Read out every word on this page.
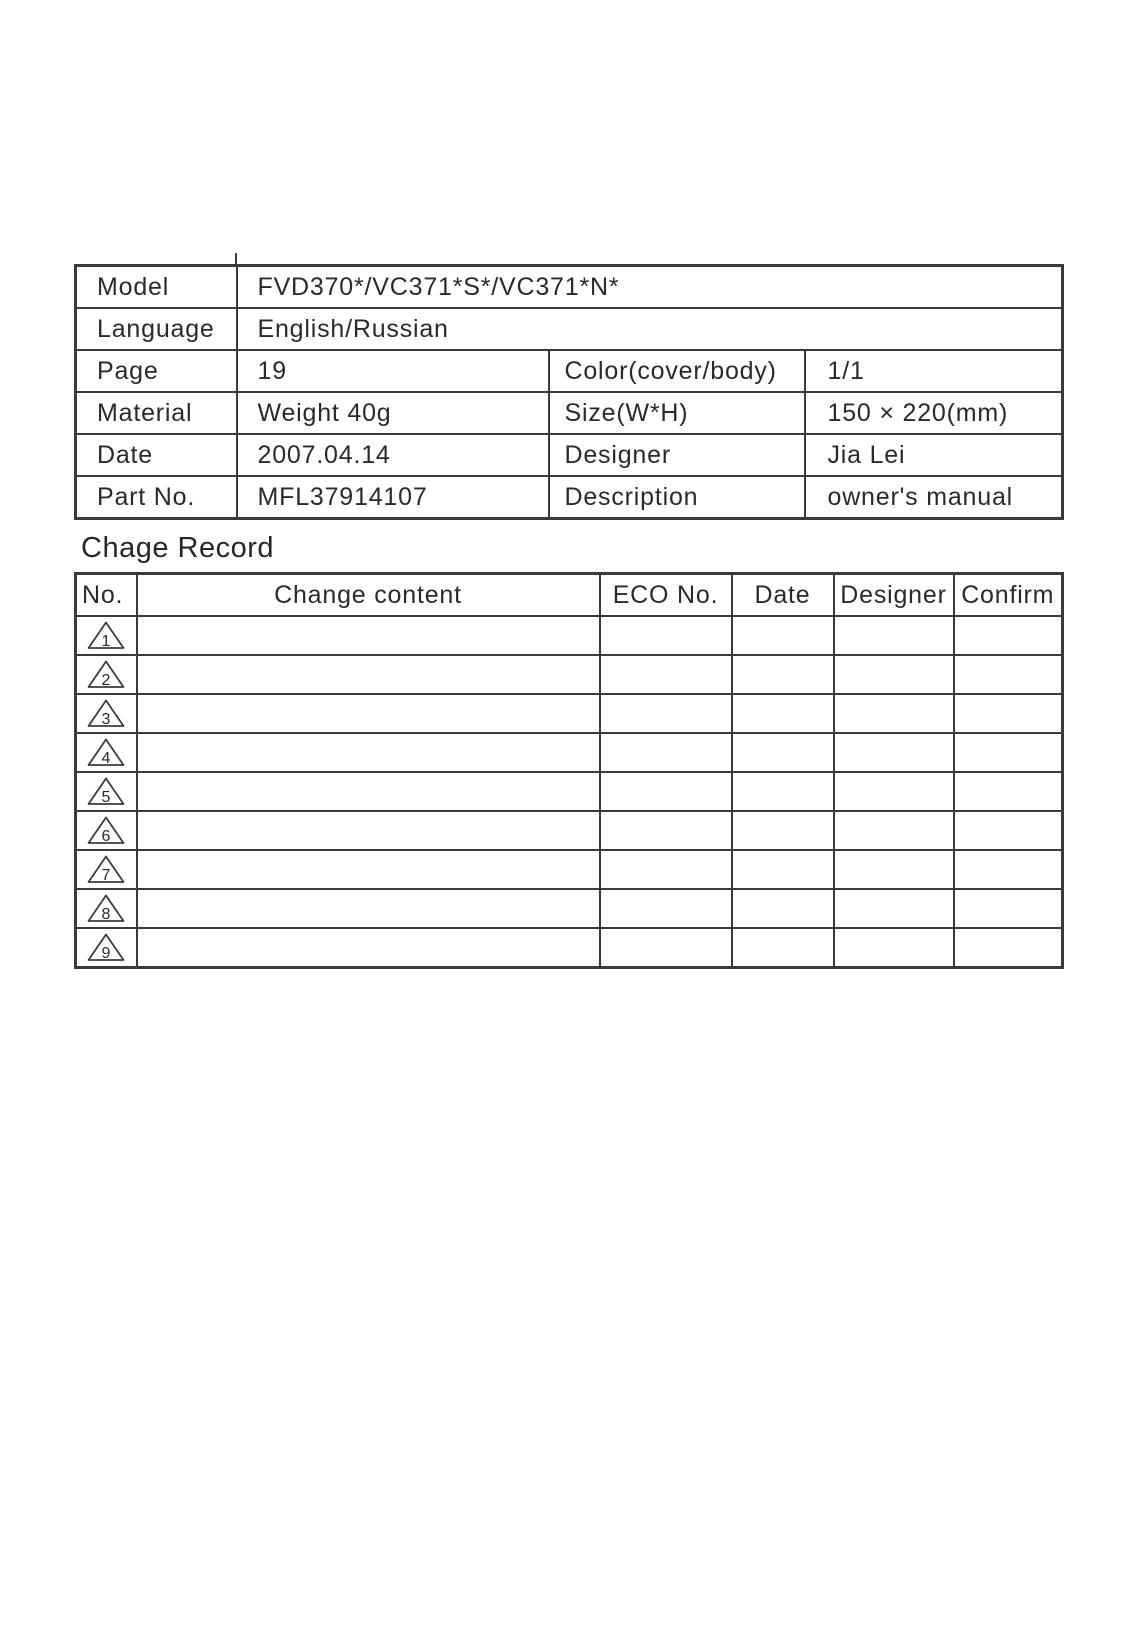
Model	FVD370*/VC371*S*/VC371*N*		
Language	English/Russian		
Page	19	Color(cover/body)	1/1
Material	Weight 40g	Size(W*H)	150 × 220(mm)
Date	2007.04.14	Designer	Jia Lei
Part No.	MFL37914107	Description	owner's manual
Chage Record
No.	Change content	ECO No.	Date	Designer	Confirm

1					

2					

3					

4					

5					

6					

7					

8					

9					
